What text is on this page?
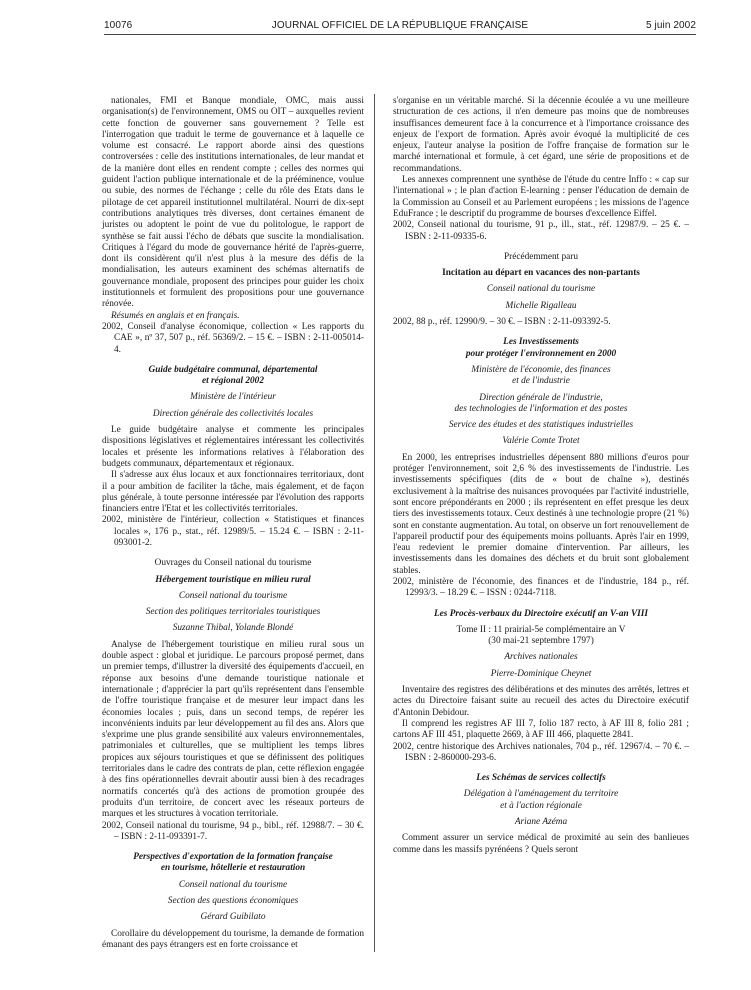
10076	JOURNAL OFFICIEL DE LA RÉPUBLIQUE FRANÇAISE	5 juin 2002

nationales, FMI et Banque mondiale, OMC, mais aussi organisation(s) de l'environnement, OMS ou OIT – auxquelles revient cette fonction de gouverner sans gouvernement ? Telle est l'interrogation que traduit le terme de gouvernance et à laquelle ce volume est consacré. Le rapport aborde ainsi des questions controversées : celle des institutions internationales, de leur mandat et de la manière dont elles en rendent compte ; celles des normes qui guident l'action publique internationale et de la prééminence, voulue ou subie, des normes de l'échange ; celle du rôle des Etats dans le pilotage de cet appareil institutionnel multilatéral. Nourri de dix-sept contributions analytiques très diverses, dont certaines émanent de juristes ou adoptent le point de vue du politologue, le rapport de synthèse se fait aussi l'écho de débats que suscite la mondialisation. Critiques à l'égard du mode de gouvernance hérité de l'après-guerre, dont ils considèrent qu'il n'est plus à la mesure des défis de la mondialisation, les auteurs examinent des schémas alternatifs de gouvernance mondiale, proposent des principes pour guider les choix institutionnels et formulent des propositions pour une gouvernance rénovée.

Résumés en anglais et en français.

2002, Conseil d'analyse économique, collection « Les rapports du CAE », nº 37, 507 p., réf. 56369/2. – 15 €. – ISBN : 2-11-005014-4.

Guide budgétaire communal, départemental

et régional 2002

Ministère de l'intérieur

Direction générale des collectivités locales

Le guide budgétaire analyse et commente les principales dispositions législatives et réglementaires intéressant les collectivités locales et présente les informations relatives à l'élaboration des budgets communaux, départementaux et régionaux.

Il s'adresse aux élus locaux et aux fonctionnaires territoriaux, dont il a pour ambition de faciliter la tâche, mais également, et de façon plus générale, à toute personne intéressée par l'évolution des rapports financiers entre l'Etat et les collectivités territoriales.

2002, ministère de l'intérieur, collection « Statistiques et finances locales », 176 p., stat., réf. 12989/5. – 15.24 €. – ISBN : 2-11-093001-2.

Ouvrages du Conseil national du tourisme

Hébergement touristique en milieu rural

Conseil national du tourisme

Section des politiques territoriales touristiques

Suzanne Thibal, Yolande Blondé

Analyse de l'hébergement touristique en milieu rural sous un double aspect : global et juridique. Le parcours proposé permet, dans un premier temps, d'illustrer la diversité des équipements d'accueil, en réponse aux besoins d'une demande touristique nationale et internationale ; d'apprécier la part qu'ils représentent dans l'ensemble de l'offre touristique française et de mesurer leur impact dans les économies locales ; puis, dans un second temps, de repérer les inconvénients induits par leur développement au fil des ans. Alors que s'exprime une plus grande sensibilité aux valeurs environnementales, patrimoniales et culturelles, que se multiplient les temps libres propices aux séjours touristiques et que se définissent des politiques territoriales dans le cadre des contrats de plan, cette réflexion engagée à des fins opérationnelles devrait aboutir aussi bien à des recadrages normatifs concertés qu'à des actions de promotion groupée des produits d'un territoire, de concert avec les réseaux porteurs de marques et les structures à vocation territoriale.

2002, Conseil national du tourisme, 94 p., bibl., réf. 12988/7. – 30 €. – ISBN : 2-11-093391-7.

Perspectives d'exportation de la formation française

en tourisme, hôtellerie et restauration

Conseil national du tourisme

Section des questions économiques

Gérard Guibilato

Corollaire du développement du tourisme, la demande de formation émanant des pays étrangers est en forte croissance et

s'organise en un véritable marché. Si la décennie écoulée a vu une meilleure structuration de ces actions, il n'en demeure pas moins que de nombreuses insuffisances demeurent face à la concurrence et à l'importance croissance des enjeux de l'export de formation. Après avoir évoqué la multiplicité de ces enjeux, l'auteur analyse la position de l'offre française de formation sur le marché international et formule, à cet égard, une série de propositions et de recommandations.

Les annexes comprennent une synthèse de l'étude du centre Inffo : « cap sur l'international » ; le plan d'action E-learning : penser l'éducation de demain de la Commission au Conseil et au Parlement européens ; les missions de l'agence EduFrance ; le descriptif du programme de bourses d'excellence Eiffel.

2002, Conseil national du tourisme, 91 p., ill., stat., réf. 12987/9. – 25 €. – ISBN : 2-11-09335-6.

Précédemment paru

Incitation au départ en vacances des non-partants

Conseil national du tourisme

Michelle Rigalleau

2002, 88 p., réf. 12990/9. – 30 €. – ISBN : 2-11-093392-5.

Les Investissements

pour protéger l'environnement en 2000

Ministère de l'économie, des finances

et de l'industrie

Direction générale de l'industrie,

des technologies de l'information et des postes

Service des études et des statistiques industrielles

Valérie Comte Trotet

En 2000, les entreprises industrielles dépensent 880 millions d'euros pour protéger l'environnement, soit 2,6 % des investissements de l'industrie. Les investissements spécifiques (dits de « bout de chaîne »), destinés exclusivement à la maîtrise des nuisances provoquées par l'activité industrielle, sont encore prépondérants en 2000 ; ils représentent en effet presque les deux tiers des investissements totaux. Ceux destinés à une technologie propre (21 %) sont en constante augmentation. Au total, on observe un fort renouvellement de l'appareil productif pour des équipements moins polluants. Après l'air en 1999, l'eau redevient le premier domaine d'intervention. Par ailleurs, les investissements dans les domaines des déchets et du bruit sont globalement stables.

2002, ministère de l'économie, des finances et de l'industrie, 184 p., réf. 12993/3. – 18.29 €. – ISSN : 0244-7118.

Les Procès-verbaux du Directoire exécutif an V-an VIII

Tome II : 11 prairial-5e complémentaire an V

(30 mai-21 septembre 1797)

Archives nationales

Pierre-Dominique Cheynet

Inventaire des registres des délibérations et des minutes des arrêtés, lettres et actes du Directoire faisant suite au recueil des actes du Directoire exécutif d'Antonin Debidour.

Il comprend les registres AF III 7, folio 187 recto, à AF III 8, folio 281 ; cartons AF III 451, plaquette 2669, à AF III 466, plaquette 2841.

2002, centre historique des Archives nationales, 704 p., réf. 12967/4. – 70 €. – ISBN : 2-860000-293-6.

Les Schémas de services collectifs

Délégation à l'aménagement du territoire

et à l'action régionale

Ariane Azéma

Comment assurer un service médical de proximité au sein des banlieues comme dans les massifs pyrénéens ? Quels seront
